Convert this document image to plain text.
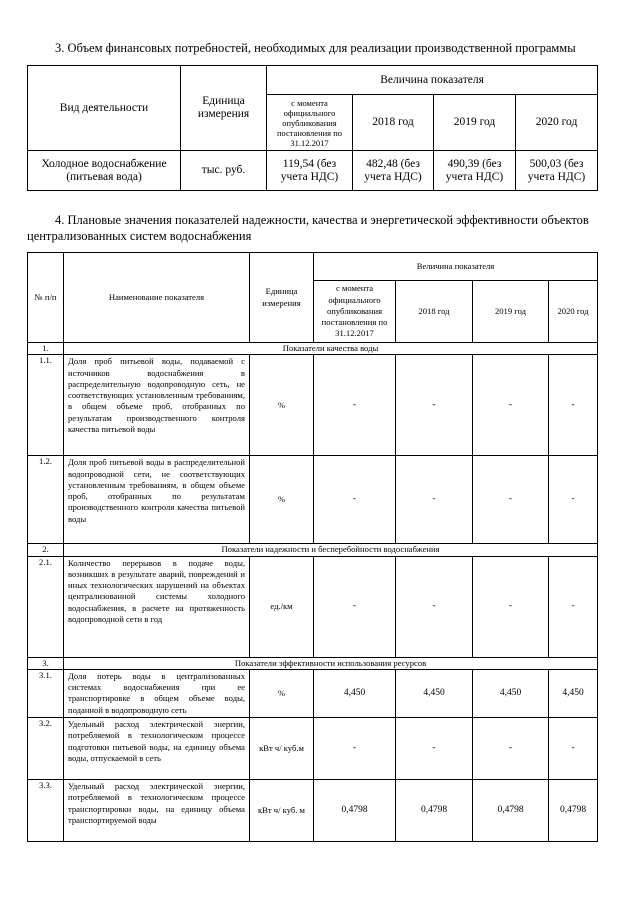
3. Объем финансовых потребностей, необходимых для реализации производственной программы
Вид деятельности	Единица измерения	Величина показателя			
		с момента официального опубликования постановления по 31.12.2017	2018 год	2019 год	2020 год
Холодное водоснабжение (питьевая вода)	тыс. руб.	119,54 (без учета НДС)	482,48 (без учета НДС)	490,39 (без учета НДС)	500,03 (без учета НДС)
4. Плановые значения показателей надежности, качества и энергетической эффективности объектов централизованных систем водоснабжения
№ п/п	Наименование показателя	Единица измерения	Величина показателя			
			с момента официального опубликования постановления по 31.12.2017	2018 год	2019 год	2020 год
1.	Показатели качества воды					
1.1.	Доля проб питьевой воды, подаваемой с источников водоснабжения в распределительную водопроводную сеть, не соответствующих установленным требованиям, в общем объеме проб, отобранных по результатам производственного контроля качества питьевой воды	%	-	-	-	-
1.2.	Доля проб питьевой воды в распределительной водопроводной сети, не соответствующих установленным требованиям, в общем объеме проб, отобранных по результатам производственного контроля качества питьевой воды	%	-	-	-	-
2.	Показатели надежности и бесперебойности водоснабжения					
2.1.	Количество перерывов в подаче воды, возникших в результате аварий, повреждений и иных технологических нарушений на объектах централизованной системы холодного водоснабжения, в расчете на протяженность водопроводной сети в год	ед./км	-	-	-	-
3.	Показатели эффективности использования ресурсов					
3.1.	Доля потерь воды в централизованных системах водоснабжения при ее транспортировке в общем объеме воды, поданной в водопроводную сеть	%	4,450	4,450	4,450	4,450
3.2.	Удельный расход электрической энергии, потребляемой в технологическом процессе подготовки питьевой воды, на единицу объема воды, отпускаемой в сеть	кВт ч/ куб.м	-	-	-	-
3.3.	Удельный расход электрической энергии, потребляемой в технологическом процессе транспортировки воды, на единицу объема транспортируемой воды	кВт ч/ куб. м	0,4798	0,4798	0,4798	0,4798
